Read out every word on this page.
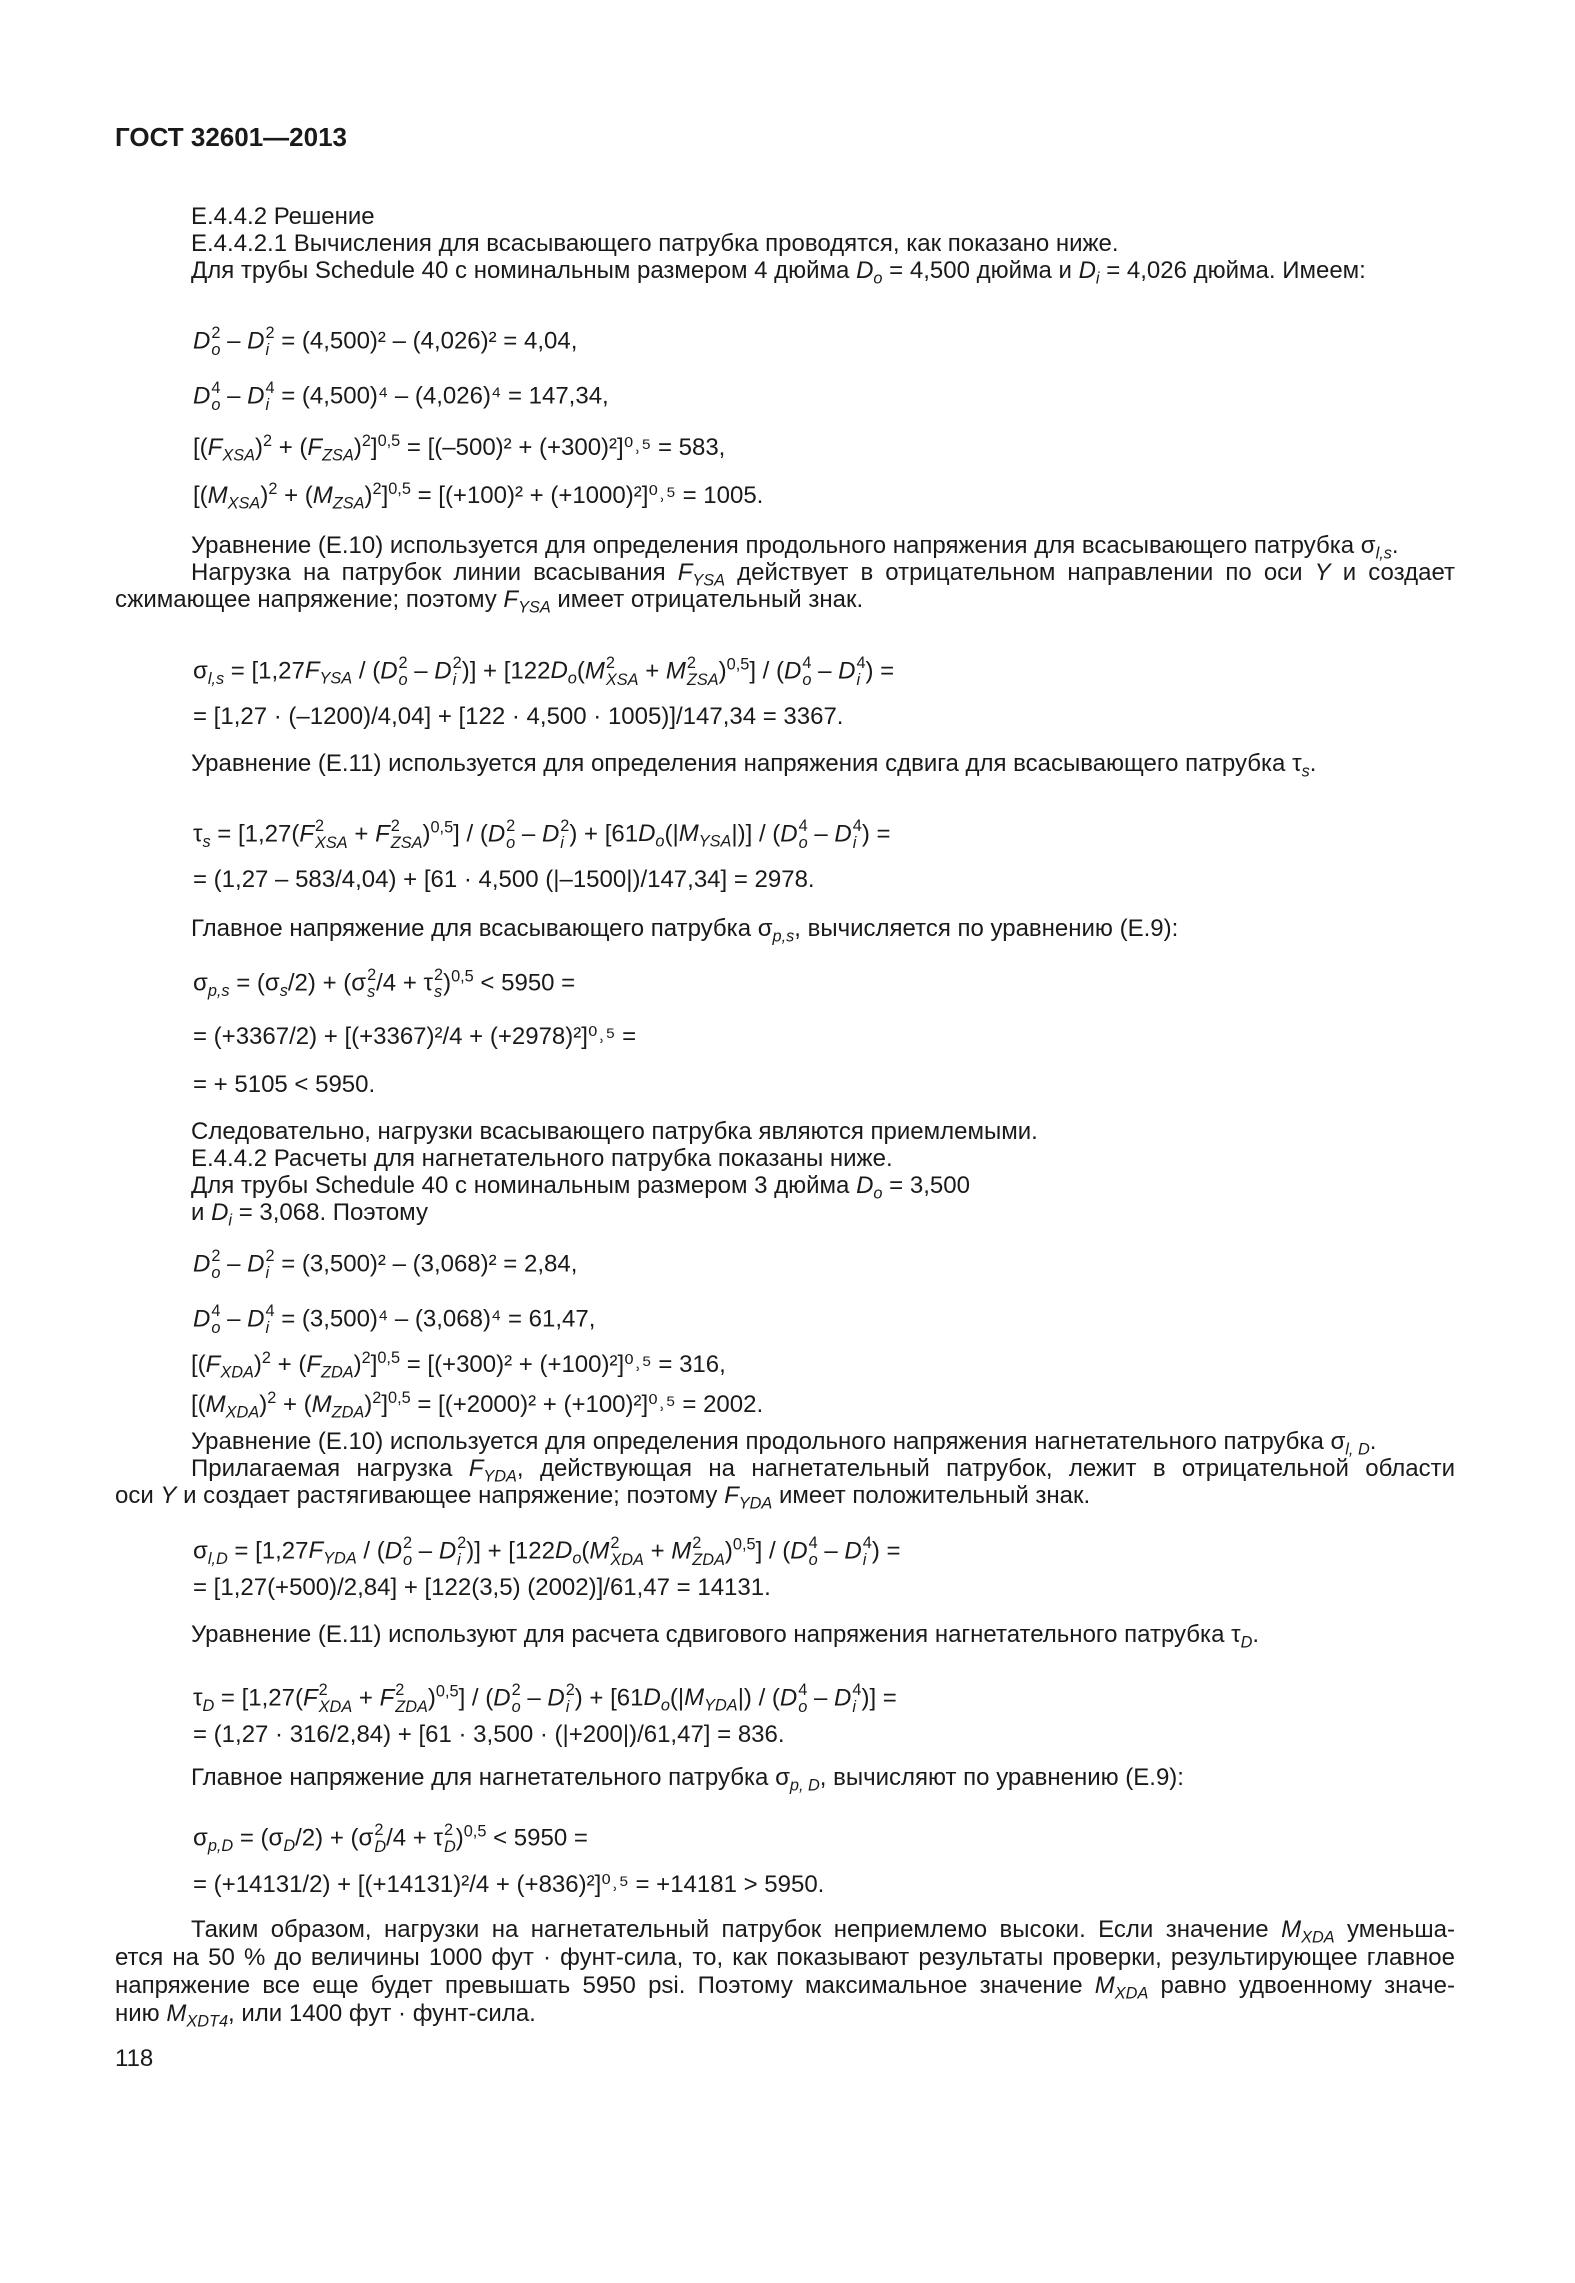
ГОСТ 32601—2013
Е.4.4.2 Решение
Е.4.4.2.1 Вычисления для всасывающего патрубка проводятся, как показано ниже.
Для трубы Schedule 40 с номинальным размером 4 дюйма $D_o = 4,500$ дюйма и $D_i = 4,026$ дюйма. Имеем:
D 2
o – D 2
i = (4,500)² – (4,026)² = 4,04,
D 4
o – D 4
i = (4,500)⁴ – (4,026)⁴ = 147,34,
$[(F_{XSA})^2 + (F_{ZSA})^2]^{0,5} = [(-500)^2$ + (+300)²]⁰˒⁵ = 583,
$[(M_{XSA})^2 + (M_{ZSA})^2]^{0,5} = [(+100)^2$ + (+1000)²]⁰˒⁵ = 1005.
Уравнение (Е.10) используется для определения продольного напряжения для всасывающего патрубка $\sigma_{l,s}$.
Нагрузка на патрубок линии всасывания $F_{YSA}$ действует в отрицательном направлении по оси Y и создает
сжимающее напряжение; поэтому $F_{YSA}$ имеет отрицательный знак.
$\sigma_{l,s} = [1,27F_{YSA} / (D$ 2
o – D 2
i )] + [$122D_o(M$ 2
XSA + M 2
ZSA )$^{0,5}$] / (D 4
o – D 4
i ) =
= [1,27 · (–1200)/4,04] + [122 · 4,500 · 1005)]/147,34 = 3367.
Уравнение (Е.11) используется для определения напряжения сдвига для всасывающего патрубка $\tau_s$.
$\tau_s = [1,27(F$ 2
XSA + F 2
ZSA )$^{0,5}$] / (D 2
o – D 2
i ) + $[61D_o(|M_{YSA}|)] / (D$ 4
o – D 4
i ) =
= (1,27 – 583/4,04) + [61 · 4,500 (|–1500|)/147,34] = 2978.
Главное напряжение для всасывающего патрубка $\sigma_{p,s}$, вычисляется по уравнению (Е.9):
$\sigma_{p,s} = (\sigma_s/2) + (\sigma$ 2
s /4 + τ 2
s )$^{0,5}$ < 5950 =
= (+3367/2) + [(+3367)²/4 + (+2978)²]⁰˒⁵ =
= + 5105 < 5950.
Следовательно, нагрузки всасывающего патрубка являются приемлемыми.
Е.4.4.2 Расчеты для нагнетательного патрубка показаны ниже.
Для трубы Schedule 40 с номинальным размером 3 дюйма $D_o = 3,500$
и $D_i = 3,068$. Поэтому
D 2
o – D 2
i = (3,500)² – (3,068)² = 2,84,
D 4
o – D 4
i = (3,500)⁴ – (3,068)⁴ = 61,47,
$[(F_{XDA})^2 + (F_{ZDA})^2]^{0,5} = [(+300)^2$ + (+100)²]⁰˒⁵ = 316,
$[(M_{XDA})^2 + (M_{ZDA})^2]^{0,5} = [(+2000)^2$ + (+100)²]⁰˒⁵ = 2002.
Уравнение (Е.10) используется для определения продольного напряжения нагнетательного патрубка $\sigma_{l, D}$.
Прилагаемая нагрузка $F_{YDA}$, действующая на нагнетательный патрубок, лежит в отрицательной области
оси Y и создает растягивающее напряжение; поэтому $F_{YDA}$ имеет положительный знак.
$\sigma_{l,D} = [1,27F_{YDA} / (D$ 2
o – D 2
i )] + [$122D_o(M$ 2
XDA + M 2
ZDA )$^{0,5}$] / (D 4
o – D 4
i ) =
= [1,27(+500)/2,84] + [122(3,5) (2002)]/61,47 = 14131.
Уравнение (Е.11) используют для расчета сдвигового напряжения нагнетательного патрубка $\tau_D$.
$\tau_D = [1,27(F$ 2
XDA + F 2
ZDA )$^{0,5}$] / (D 2
o – D 2
i ) + [$61D_o(|M_{YDA}|) / (D$ 4
o – D 4
i )] =
= (1,27 · 316/2,84) + [61 · 3,500 · (|+200|)/61,47] = 836.
Главное напряжение для нагнетательного патрубка $\sigma_{p, D}$, вычисляют по уравнению (Е.9):
$\sigma_{p,D} = (\sigma_D/2) + (\sigma$ 2
D /4 + τ 2
D )$^{0,5}$ < 5950 =
= (+14131/2) + [(+14131)²/4 + (+836)²]⁰˒⁵ = +14181 > 5950.
Таким образом, нагрузки на нагнетательный патрубок неприемлемо высоки. Если значение $M_{XDA}$ уменьша-
ется на 50 % до величины 1000 фут · фунт-сила, то, как показывают результаты проверки, результирующее главное
напряжение все еще будет превышать 5950 psi. Поэтому максимальное значение $M_{XDA}$ равно удвоенному значе-
нию $M_{XDT4}$, или 1400 фут · фунт-сила.
118
